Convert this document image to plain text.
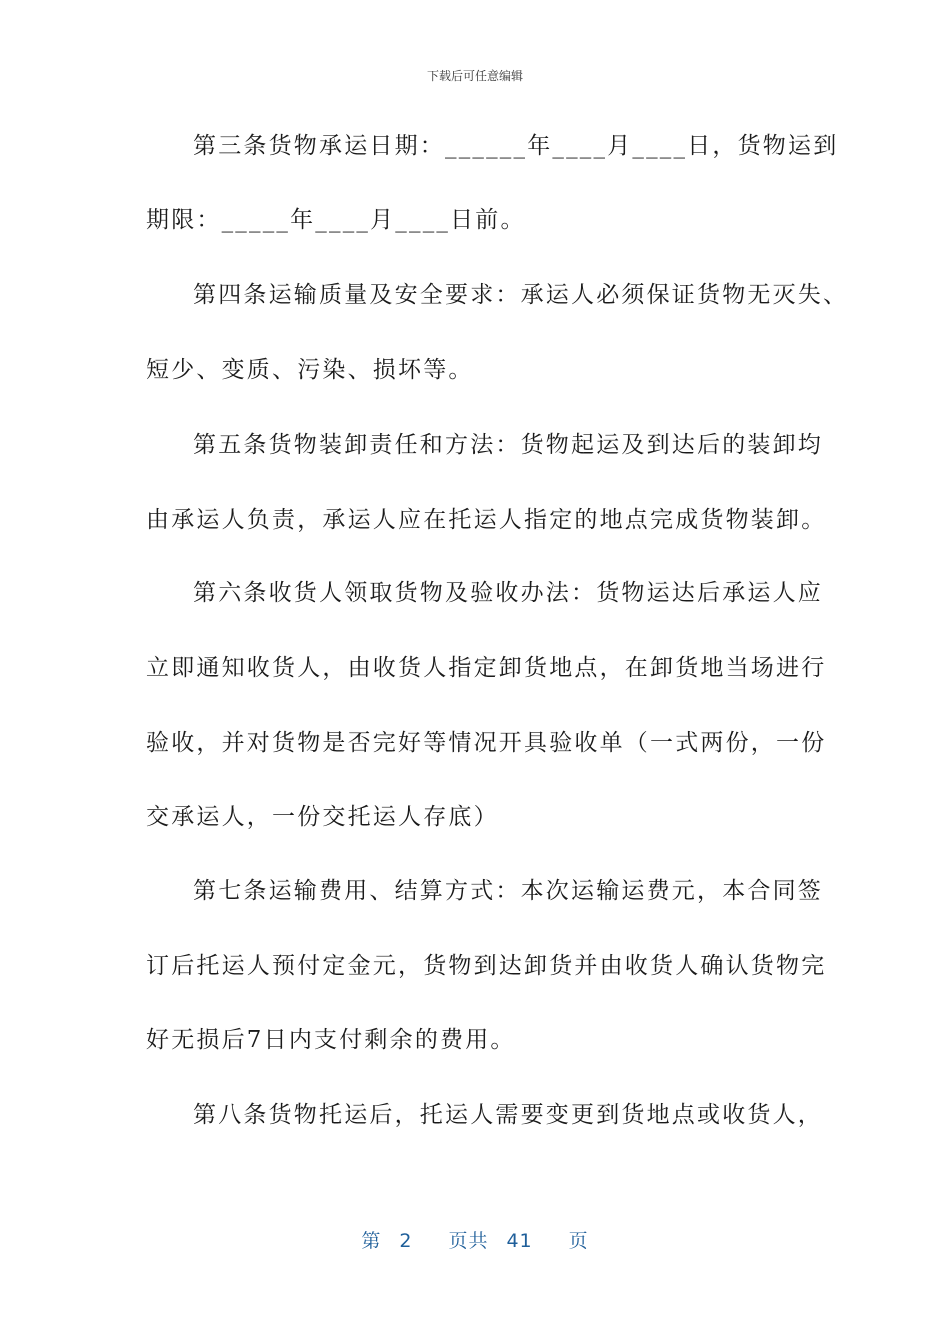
下载后可任意编辑
第三条货物承运日期：______年____月____日，货物运到
期限：_____年____月____日前。
第四条运输质量及安全要求：承运人必须保证货物无灭失、
短少、变质、污染、损坏等。
第五条货物装卸责任和方法：货物起运及到达后的装卸均
由承运人负责，承运人应在托运人指定的地点完成货物装卸。
第六条收货人领取货物及验收办法：货物运达后承运人应
立即通知收货人，由收货人指定卸货地点，在卸货地当场进行
验收，并对货物是否完好等情况开具验收单（一式两份，一份
交承运人，一份交托运人存底）
第七条运输费用、结算方式：本次运输运费元，本合同签
订后托运人预付定金元，货物到达卸货并由收货人确认货物完
好无损后7日内支付剩余的费用。
第八条货物托运后，托运人需要变更到货地点或收货人，
第 2 页共 41 页
